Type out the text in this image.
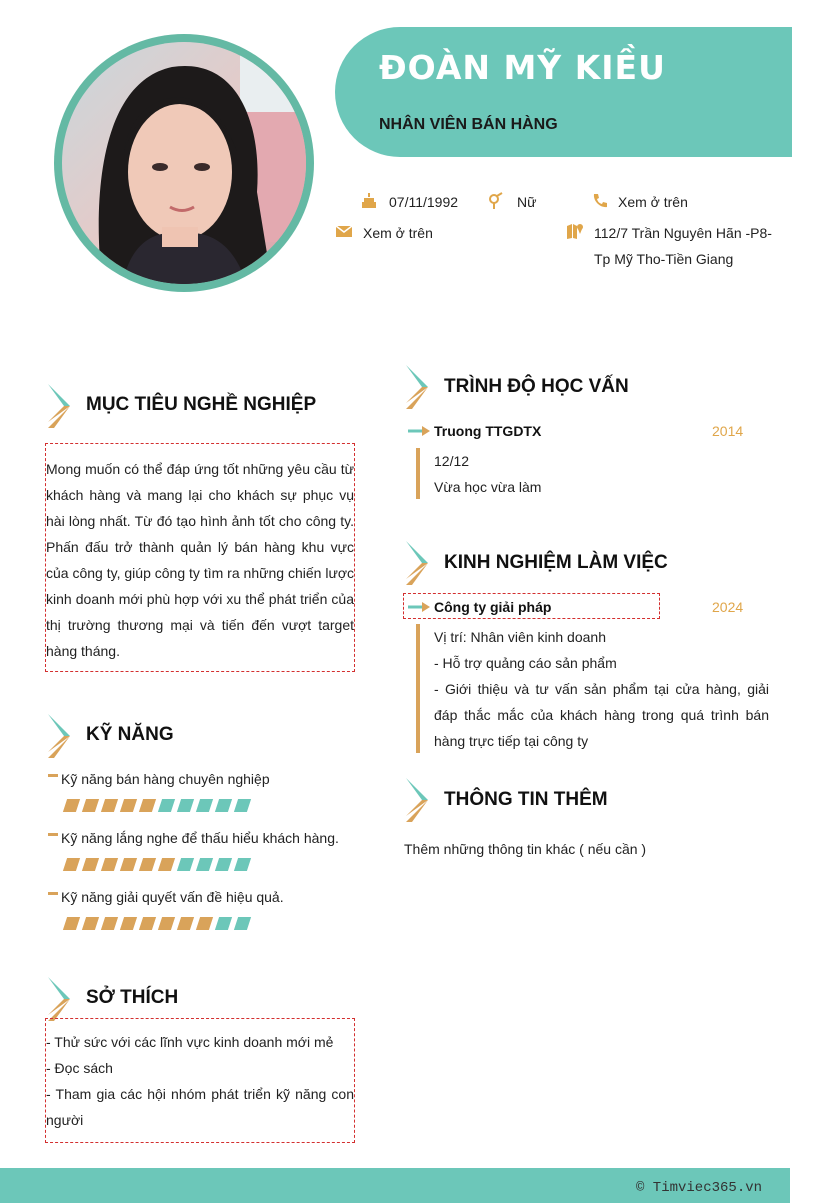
ĐOÀN MỸ KIỀU
NHÂN VIÊN BÁN HÀNG
07/11/1992	Nữ	Xem ở trên
Xem ở trên	112/7 Trần Nguyên Hãn -P8-
Tp Mỹ Tho-Tiền Giang
MỤC TIÊU NGHỀ NGHIỆP

Mong muốn có thể đáp ứng tốt những yêu cầu từ khách hàng và mang lại cho khách sự phục vụ hài lòng nhất. Từ đó tạo hình ảnh tốt cho công ty. Phấn đấu trở thành quản lý bán hàng khu vực của công ty, giúp công ty tìm ra những chiến lược kinh doanh mới phù hợp với xu thể phát triển của thị trường thương mại và tiến đến vượt target hàng tháng.

KỸ NĂNG
Kỹ năng bán hàng chuyên nghiệp
Kỹ năng lắng nghe để thấu hiểu khách hàng.
Kỹ năng giải quyết vấn đề hiệu quả.
SỞ THÍCH

- Thử sức với các lĩnh vực kinh doanh mới mẻ

- Đọc sách

- Tham gia các hội nhóm phát triển kỹ năng con người

TRÌNH ĐỘ HỌC VẤN
Truong TTGDTX	2014
12/12
Vừa học vừa làm
KINH NGHIỆM LÀM VIỆC
Công ty giải pháp	2024
Vị trí: Nhân viên kinh doanh
- Hỗ trợ quảng cáo sản phẩm

- Giới thiệu và tư vấn sản phẩm tại cửa hàng, giải đáp thắc mắc của khách hàng trong quá trình bán hàng trực tiếp tại công ty

THÔNG TIN THÊM
Thêm những thông tin khác ( nếu cần )
© Timviec365.vn
